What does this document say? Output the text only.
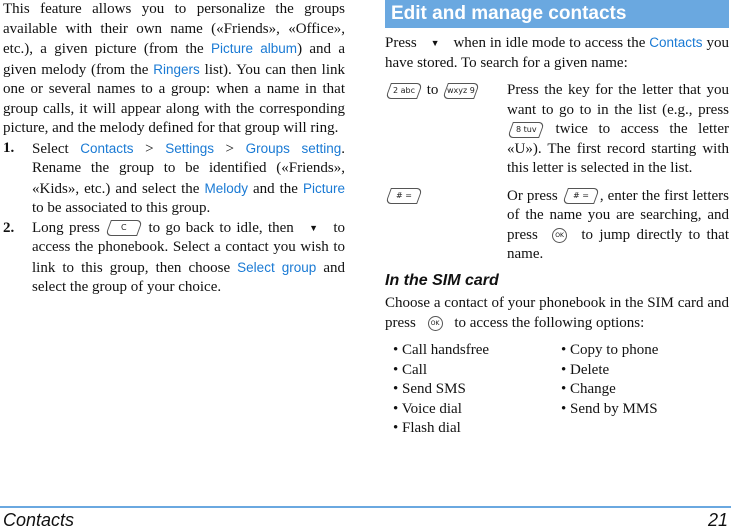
This feature allows you to personalize the groups available with their own name («Friends», «Office», etc.), a given picture (from the Picture album) and a given melody (from the Ringers list). You can then link one or several names to a group: when a name in that group calls, it will appear along with the corresponding picture, and the melody defined for that group will ring.

1. Select Contacts > Settings > Groups setting. Rename the group to be identified («Friends», «Kids», etc.) and select the Melody and the Picture to be associated to this group.
2. Long press C to go back to idle, then ▼ to access the phonebook. Select a contact you wish to link to this group, then choose Select group and select the group of your choice.
Edit and manage contacts

Press ▼ when in idle mode to access the Contacts you have stored. To search for a given name:

2 abc to wxyz 9	Press the key for the letter that you want to go to in the list (e.g., press 8 tuv twice to access the letter «U»). The first record starting with this letter is selected in the list.
# =	Or press # = , enter the first letters of the name you are searching, and press OK to jump directly to that name.
In the SIM card

Choose a contact of your phonebook in the SIM card and press OK to access the following options:

• Call handsfree
• Call
• Send SMS
• Voice dial
• Flash dial
• Copy to phone
• Delete
• Change
• Send by MMS
Contacts	21
